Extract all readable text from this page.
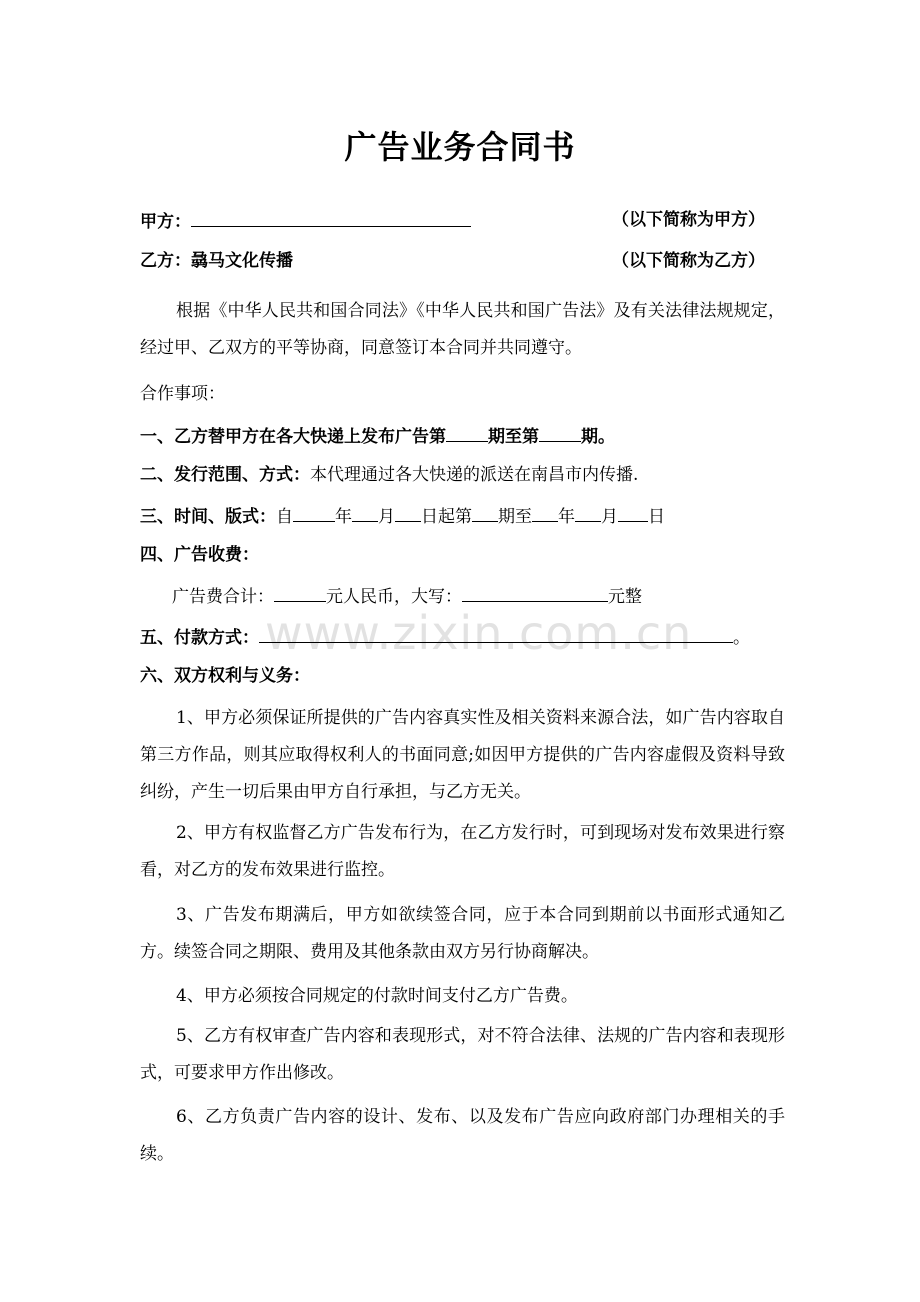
广告业务合同书
甲方：	（以下简称为甲方）
乙方：骉马文化传播	（以下简称为乙方）
根据《中华人民共和国合同法》《中华人民共和国广告法》及有关法律法规规定，经过甲、乙双方的平等协商，同意签订本合同并共同遵守。
合作事项：
一、乙方替甲方在各大快递上发布广告第 期至第 期。
二、发行范围、方式：本代理通过各大快递的派送在南昌市内传播.
三、时间、版式：自 年 月 日起第 期至 年 月 日
四、广告收费：
广告费合计：	元人民币，大写：	元整
www.zixin.com.cn
五、付款方式：	。
六、双方权利与义务：
1、甲方必须保证所提供的广告内容真实性及相关资料来源合法，如广告内容取自第三方作品，则其应取得权利人的书面同意;如因甲方提供的广告内容虚假及资料导致纠纷，产生一切后果由甲方自行承担，与乙方无关。
2、甲方有权监督乙方广告发布行为，在乙方发行时，可到现场对发布效果进行察看，对乙方的发布效果进行监控。
3、广告发布期满后，甲方如欲续签合同，应于本合同到期前以书面形式通知乙方。续签合同之期限、费用及其他条款由双方另行协商解决。
4、甲方必须按合同规定的付款时间支付乙方广告费。
5、乙方有权审查广告内容和表现形式，对不符合法律、法规的广告内容和表现形式，可要求甲方作出修改。
6、乙方负责广告内容的设计、发布、以及发布广告应向政府部门办理相关的手续。
